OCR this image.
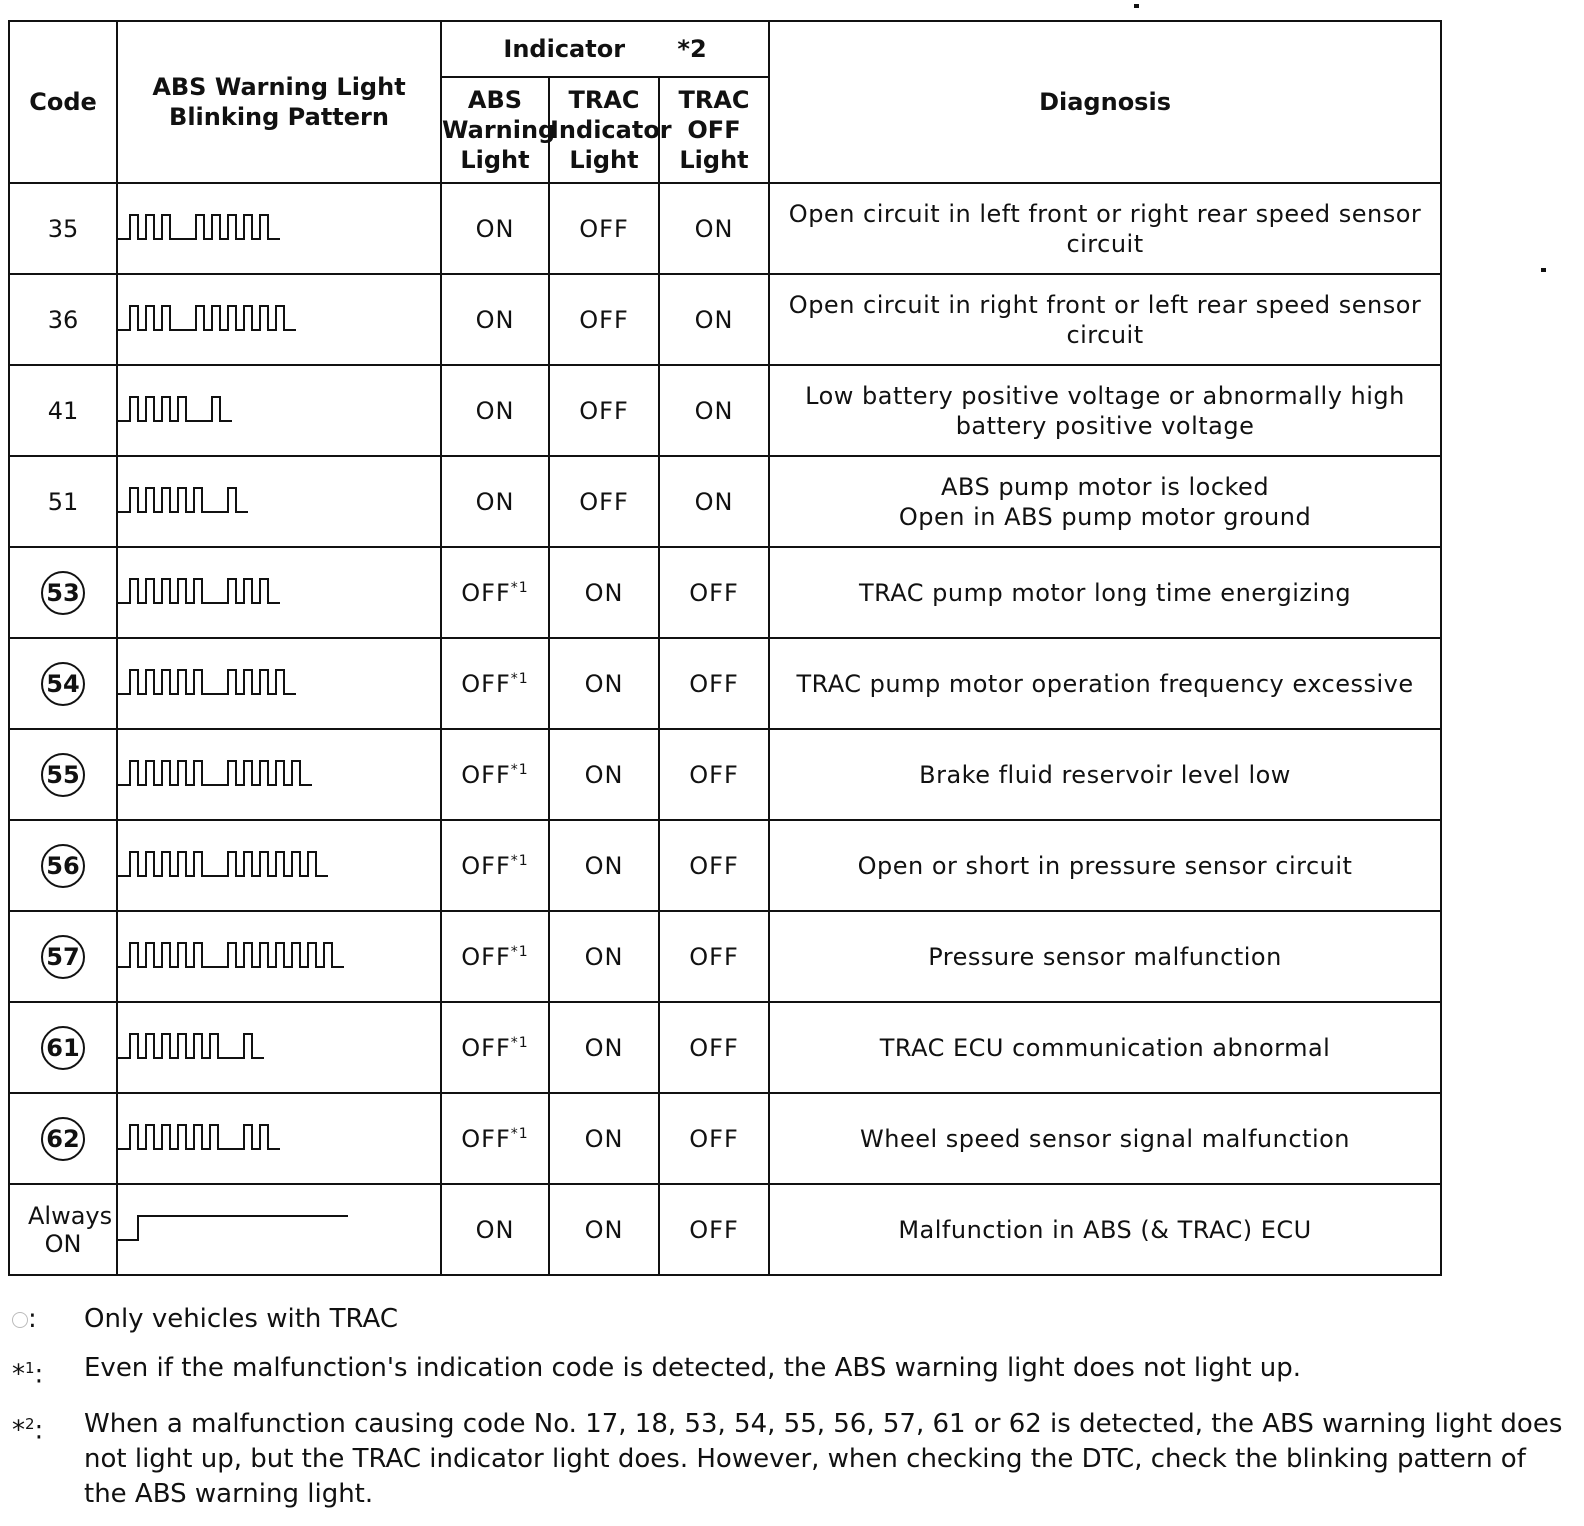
Code	ABS Warning Light Blinking Pattern	Indicator *2			Diagnosis
		ABS Warning Light	TRAC Indicator Light	TRAC OFF Light	
35		ON	OFF	ON	Open circuit in left front or right rear speed sensor circuit
36		ON	OFF	ON	Open circuit in right front or left rear speed sensor circuit
41		ON	OFF	ON	Low battery positive voltage or abnormally high battery positive voltage
51		ON	OFF	ON	ABS pump motor is locked
Open in ABS pump motor ground
53		OFF$^{*1}$	ON	OFF	TRAC pump motor long time energizing
54		OFF$^{*1}$	ON	OFF	TRAC pump motor operation frequency excessive
55		OFF$^{*1}$	ON	OFF	Brake fluid reservoir level low
56		OFF$^{*1}$	ON	OFF	Open or short in pressure sensor circuit
57		OFF$^{*1}$	ON	OFF	Pressure sensor malfunction
61		OFF$^{*1}$	ON	OFF	TRAC ECU communication abnormal
62		OFF$^{*1}$	ON	OFF	Wheel speed sensor signal malfunction
Always ON		ON	ON	OFF	Malfunction in ABS (& TRAC) ECU
:	Only vehicles with TRAC
*$^1$:	Even if the malfunction's indication code is detected, the ABS warning light does not light up.
*$^2$:	When a malfunction causing code No. 17, 18, 53, 54, 55, 56, 57, 61 or 62 is detected, the ABS warning light does not light up, but the TRAC indicator light does. However, when checking the DTC, check the blinking pattern of the ABS warning light.
